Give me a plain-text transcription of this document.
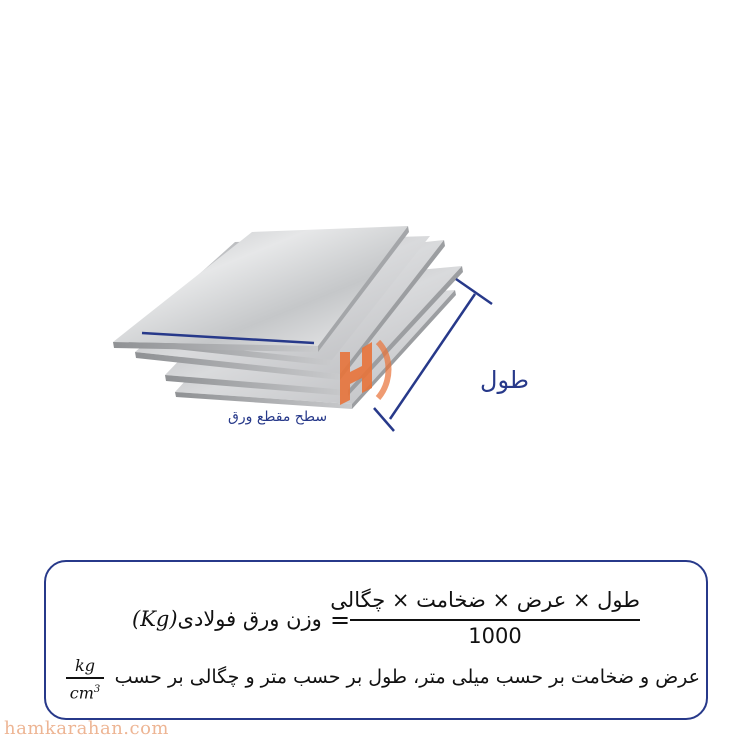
طول
سطح مقطع ورق
وزن ورق فولادی(Kg)	=
طول × عرض × ضخامت × چگالی
1000
عرض و ضخامت بر حسب میلی متر، طول بر حسب متر و چگالی بر حسب
kg
$cm^3$
hamkarahan.com
